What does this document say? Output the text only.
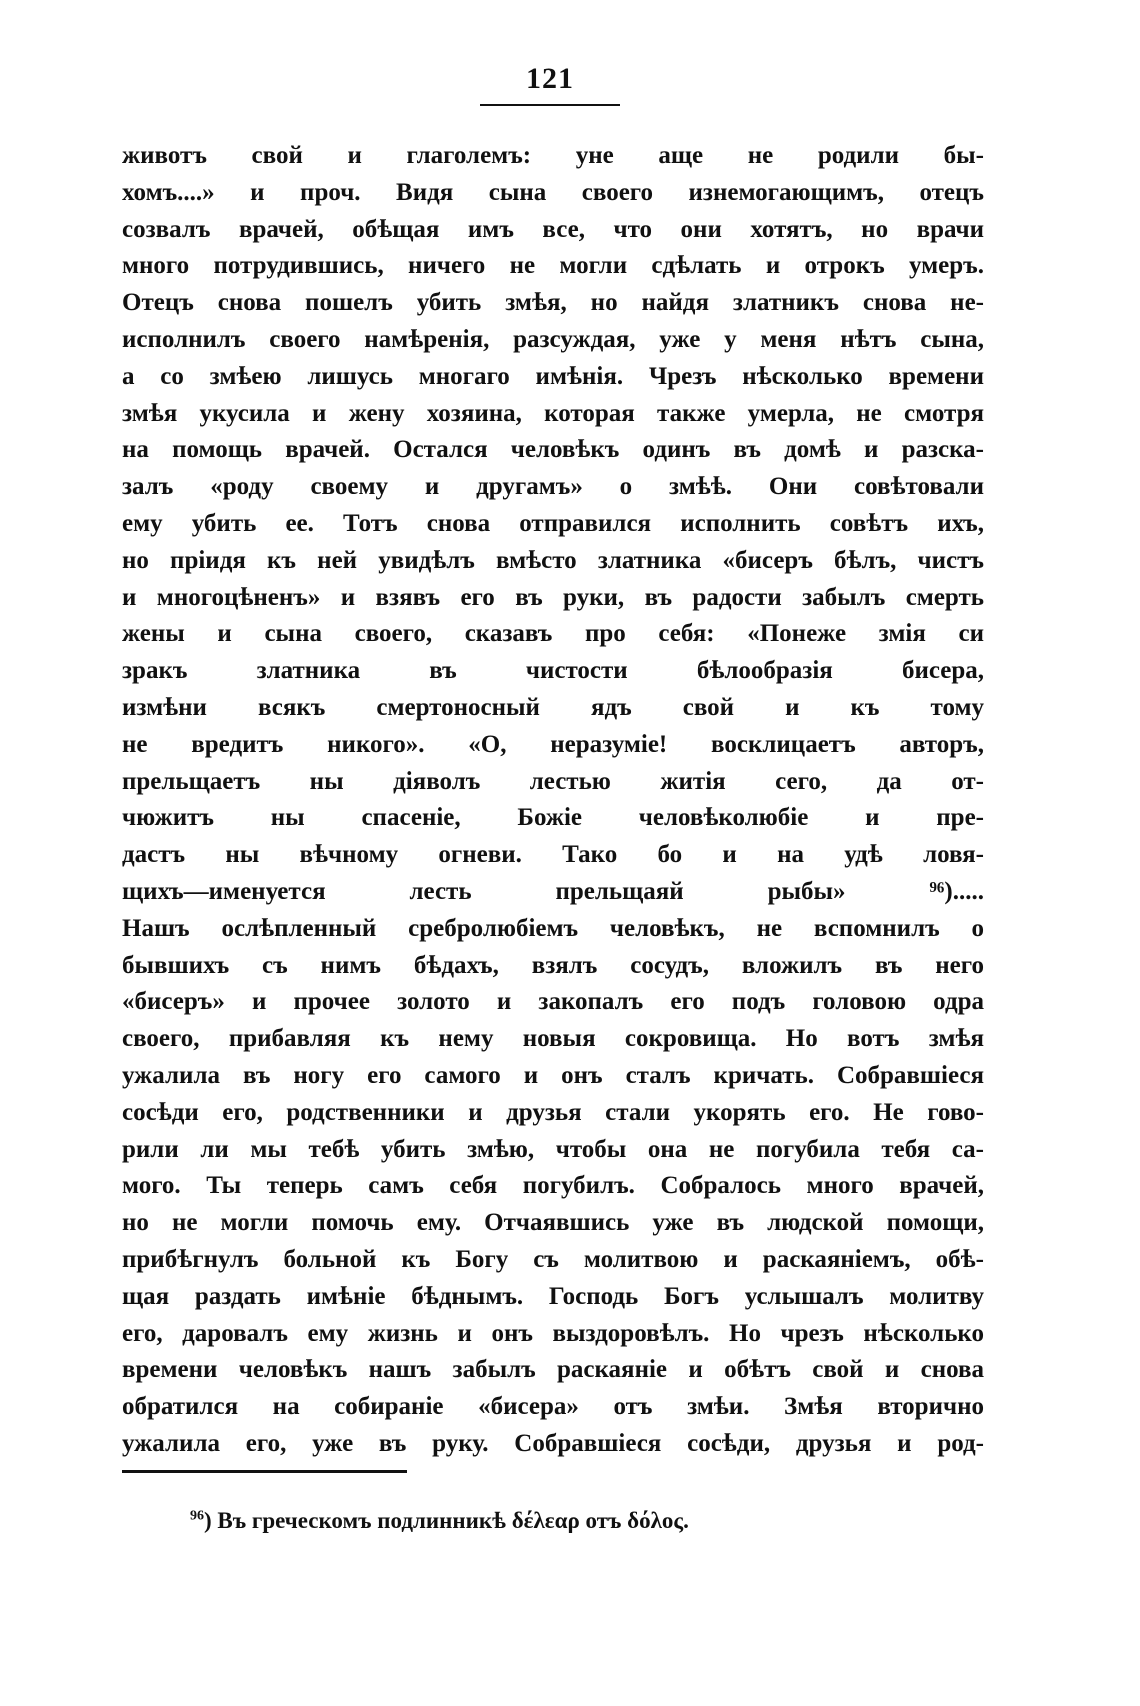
121
животъ свой и глаголемъ: уне аще не родили бы-
хомъ....» и проч. Видя сына своего изнемогающимъ, отецъ
созвалъ врачей, обѣщая имъ все, что они хотятъ, но врачи
много потрудившись, ничего не могли сдѣлать и отрокъ умеръ.
Отецъ снова пошелъ убить змѣя, но найдя златникъ снова не-
исполнилъ своего намѣренія, разсуждая, уже у меня нѣтъ сына,
а со змѣею лишусь многаго имѣнія. Чрезъ нѣсколько времени
змѣя укусила и жену хозяина, которая также умерла, не смотря
на помощь врачей. Остался человѣкъ одинъ въ домѣ и разска-
залъ «роду своему и другамъ» о змѣѣ. Они совѣтовали
ему убить ее. Тотъ снова отправился исполнить совѣтъ ихъ,
но пріидя къ ней увидѣлъ вмѣсто златника «бисеръ бѣлъ, чистъ
и многоцѣненъ» и взявъ его въ руки, въ радости забылъ смерть
жены и сына своего, сказавъ про себя: «Понеже змія си
зракъ златника въ чистости бѣлообразія бисера,
измѣни всякъ смертоносный ядъ свой и къ тому
не вредитъ никого». «О, неразуміе! восклицаетъ авторъ,
прельщаетъ ны діяволъ лестью житія сего, да от-
чюжитъ ны спасеніе, Божіе человѣколюбіе и пре-
дастъ ны вѣчному огневи. Тако бо и на удѣ ловя-
щихъ—именуется лесть прельщаяй рыбы» ⁹⁶).....
Нашъ ослѣпленный сребролюбіемъ человѣкъ, не вспомнилъ о
бывшихъ съ нимъ бѣдахъ, взялъ сосудъ, вложилъ въ него
«бисеръ» и прочее золото и закопалъ его подъ головою одра
своего, прибавляя къ нему новыя сокровища. Но вотъ змѣя
ужалила въ ногу его самого и онъ сталъ кричать. Собравшіеся
сосѣди его, родственники и друзья стали укорять его. Не гово-
рили ли мы тебѣ убить змѣю, чтобы она не погубила тебя са-
мого. Ты теперь самъ себя погубилъ. Собралось много врачей,
но не могли помочь ему. Отчаявшись уже въ людской помощи,
прибѣгнулъ больной къ Богу съ молитвою и раскаяніемъ, обѣ-
щая раздать имѣніе бѣднымъ. Господь Богъ услышалъ молитву
его, даровалъ ему жизнь и онъ выздоровѣлъ. Но чрезъ нѣсколько
времени человѣкъ нашъ забылъ раскаяніе и обѣтъ свой и снова
обратился на собираніе «бисера» отъ змѣи. Змѣя вторично
ужалила его, уже въ руку. Собравшіеся сосѣди, друзья и род-
$^{96}$) Въ греческомъ подлинникѣ δέλεαρ отъ δόλος.
